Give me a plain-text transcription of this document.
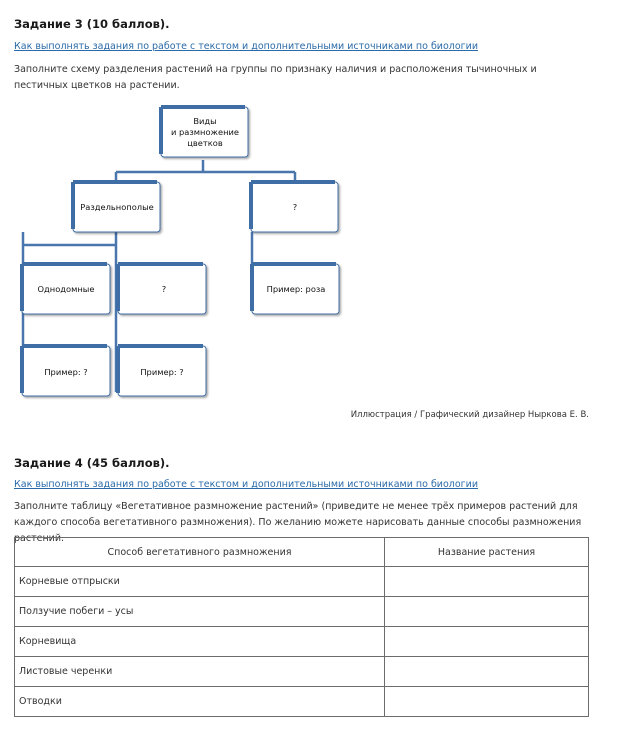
Задание 3 (10 баллов).
Как выполнять задания по работе с текстом и дополнительными источниками по биологии
Заполните схему разделения растений на группы по признаку наличия и расположения тычиночных и пестичных цветков на растении.
Виды
и размножение
цветков
Раздельнополые	?
Однодомные	?	Пример: роза
Пример: ?	Пример: ?
Иллюстрация / Графический дизайнер Ныркова Е. В.
Задание 4 (45 баллов).
Как выполнять задания по работе с текстом и дополнительными источниками по биологии
Заполните таблицу «Вегетативное размножение растений» (приведите не менее трёх примеров растений для каждого способа вегетативного размножения). По желанию можете нарисовать данные способы размножения растений.
Способ вегетативного размножения	Название растения
Корневые отпрыски	
Ползучие побеги – усы	
Корневища	
Листовые черенки	
Отводки	
